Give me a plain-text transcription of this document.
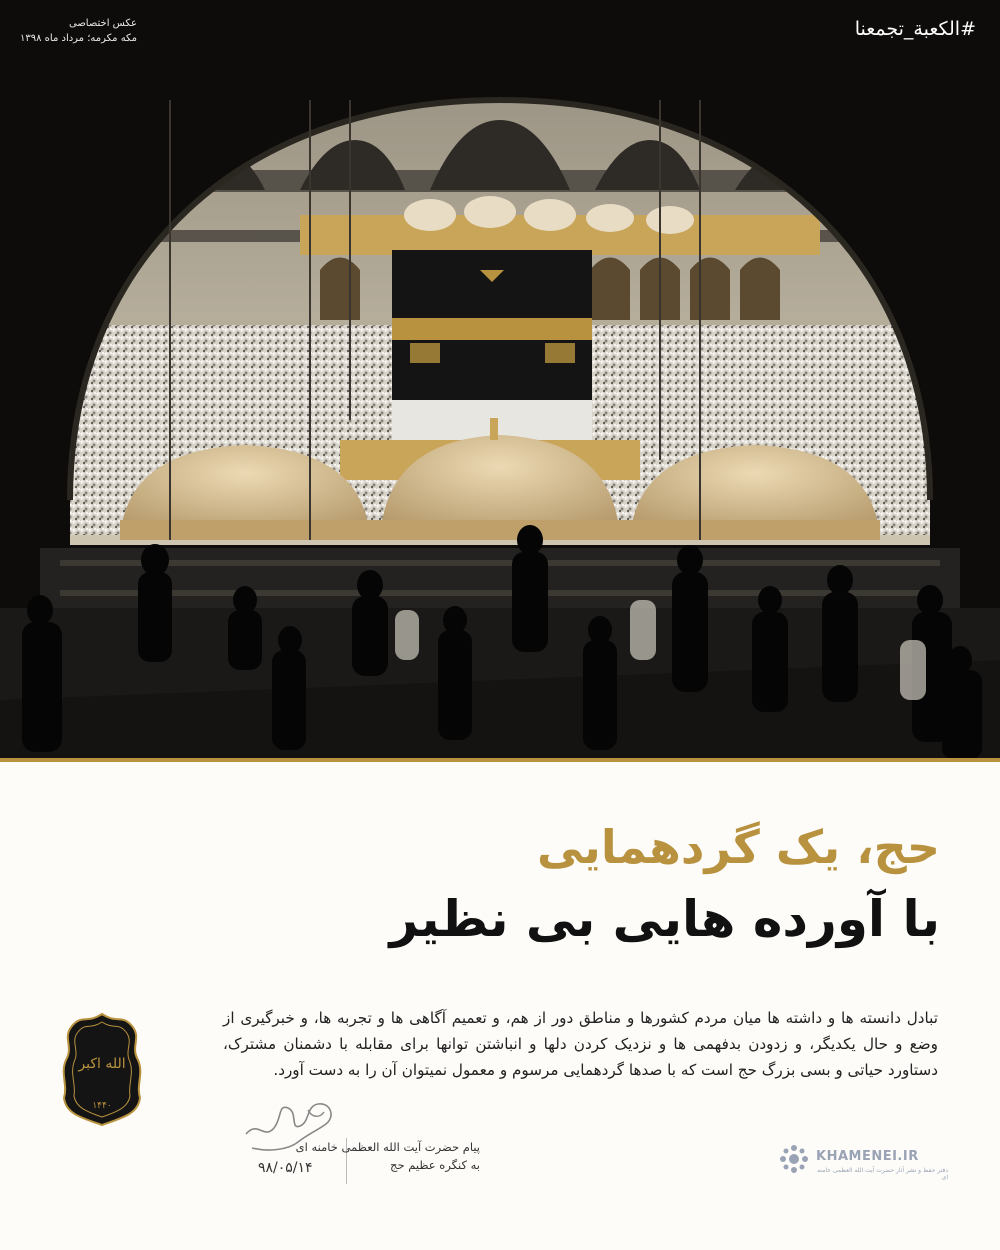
#الکعبة_تجمعنا
عکس اختصاصی
مکه مکرمه؛ مرداد ماه ۱۳۹۸
حج، یک گردهمایی
با آورده هایی بی نظیر
تبادل دانسته ها و داشته ها میان مردم کشورها و مناطق دور از هم، و تعمیم آگاهی ها و تجربه ها، و خبرگیری از وضع و حال یکدیگر، و زدودن بدفهمی ها و نزدیک کردن دلها و انباشتن توانها برای مقابله با دشمنان مشترک، دستاورد حیاتی و بسی بزرگ حج است که با صدها گردهمایی مرسوم و معمول نمیتوان آن را به دست آورد.
الله اکبر
۱۴۴۰
پیام حضرت آیت الله العظمی خامنه ای
به کنگره عظیم حج
۹۸/۰۵/۱۴
KHAMENEI.IR
دفتر حفظ و نشر آثار حضرت آیت الله العظمی خامنه ای
